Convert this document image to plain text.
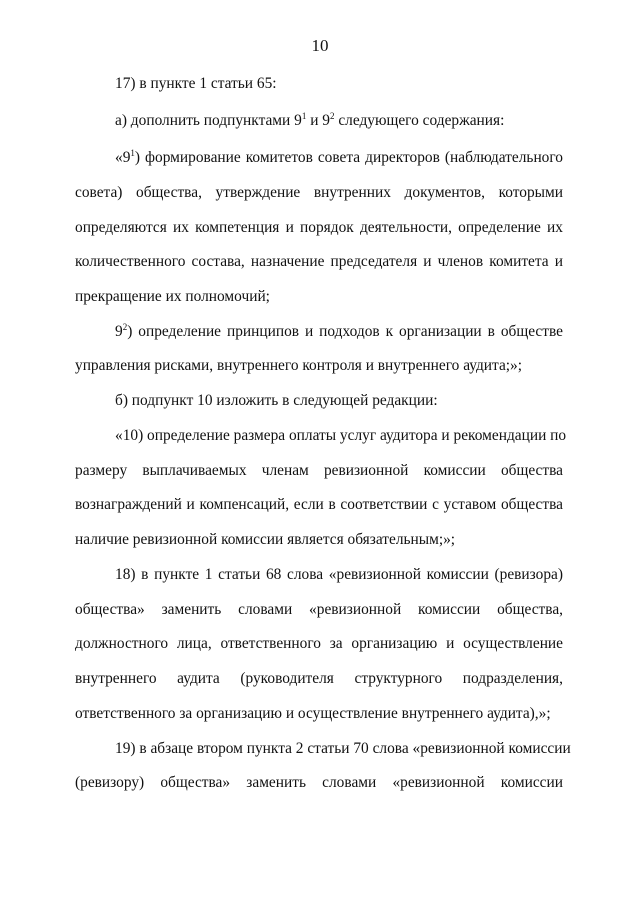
10
17) в пункте 1 статьи 65:
а) дополнить подпунктами $9^1$ и $9^2$ следующего содержания:
«$9^1$) формирование комитетов совета директоров (наблюдательного
совета) общества, утверждение внутренних документов, которыми
определяются их компетенция и порядок деятельности, определение их
количественного состава, назначение председателя и членов комитета и
прекращение их полномочий;
$9^2$) определение принципов и подходов к организации в обществе
управления рисками, внутреннего контроля и внутреннего аудита;»;
б) подпункт 10 изложить в следующей редакции:
«10) определение размера оплаты услуг аудитора и рекомендации по
размеру выплачиваемых членам ревизионной комиссии общества
вознаграждений и компенсаций, если в соответствии с уставом общества
наличие ревизионной комиссии является обязательным;»;
18) в пункте 1 статьи 68 слова «ревизионной комиссии (ревизора)
общества» заменить словами «ревизионной комиссии общества,
должностного лица, ответственного за организацию и осуществление
внутреннего аудита (руководителя структурного подразделения,
ответственного за организацию и осуществление внутреннего аудита),»;
19) в абзаце втором пункта 2 статьи 70 слова «ревизионной комиссии
(ревизору) общества» заменить словами «ревизионной комиссии
